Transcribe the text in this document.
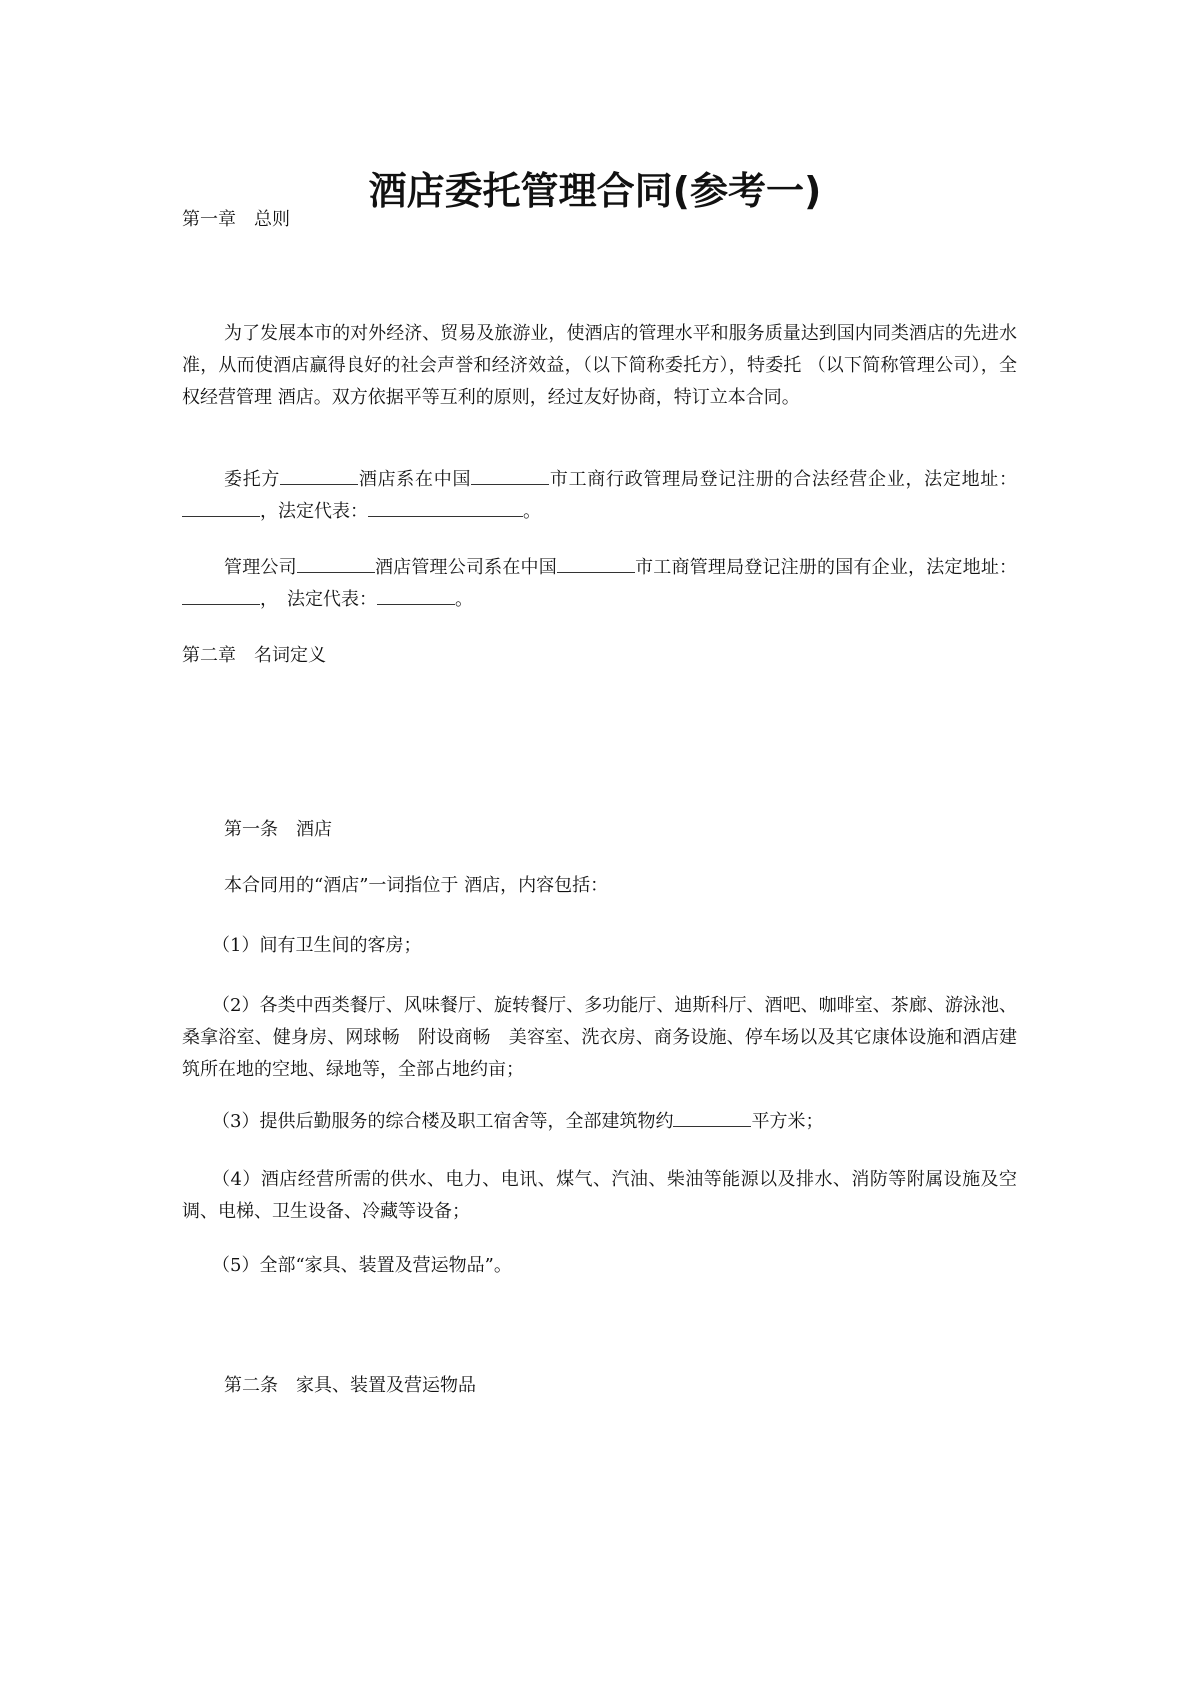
酒店委托管理合同(参考一)
第一章　总则
为了发展本市的对外经济、贸易及旅游业，使酒店的管理水平和服务质量达到国内同类酒店的先进水准，从而使酒店赢得良好的社会声誉和经济效益，（以下简称委托方），特委托 （以下简称管理公司），全权经营管理 酒店。双方依据平等互利的原则，经过友好协商，特订立本合同。
委托方	酒店系在中国	市工商行政管理局登记注册的合法经营企业，法定地址：，法定代表：	。
管理公司	酒店管理公司系在中国	市工商管理局登记注册的国有企业，法定地址：，　法定代表：	。
第二章　名词定义
第一条　酒店
本合同用的“酒店”一词指位于 酒店，内容包括：
（1）间有卫生间的客房；
（2）各类中西类餐厅、风味餐厅、旋转餐厅、多功能厅、迪斯科厅、酒吧、咖啡室、茶廊、游泳池、桑拿浴室、健身房、网球畅　附设商畅　美容室、洗衣房、商务设施、停车场以及其它康体设施和酒店建筑所在地的空地、绿地等，全部占地约亩；
（3）提供后勤服务的综合楼及职工宿舍等，全部建筑物约	平方米；
（4）酒店经营所需的供水、电力、电讯、煤气、汽油、柴油等能源以及排水、消防等附属设施及空调、电梯、卫生设备、冷藏等设备；
（5）全部“家具、装置及营运物品”。
第二条　家具、装置及营运物品
